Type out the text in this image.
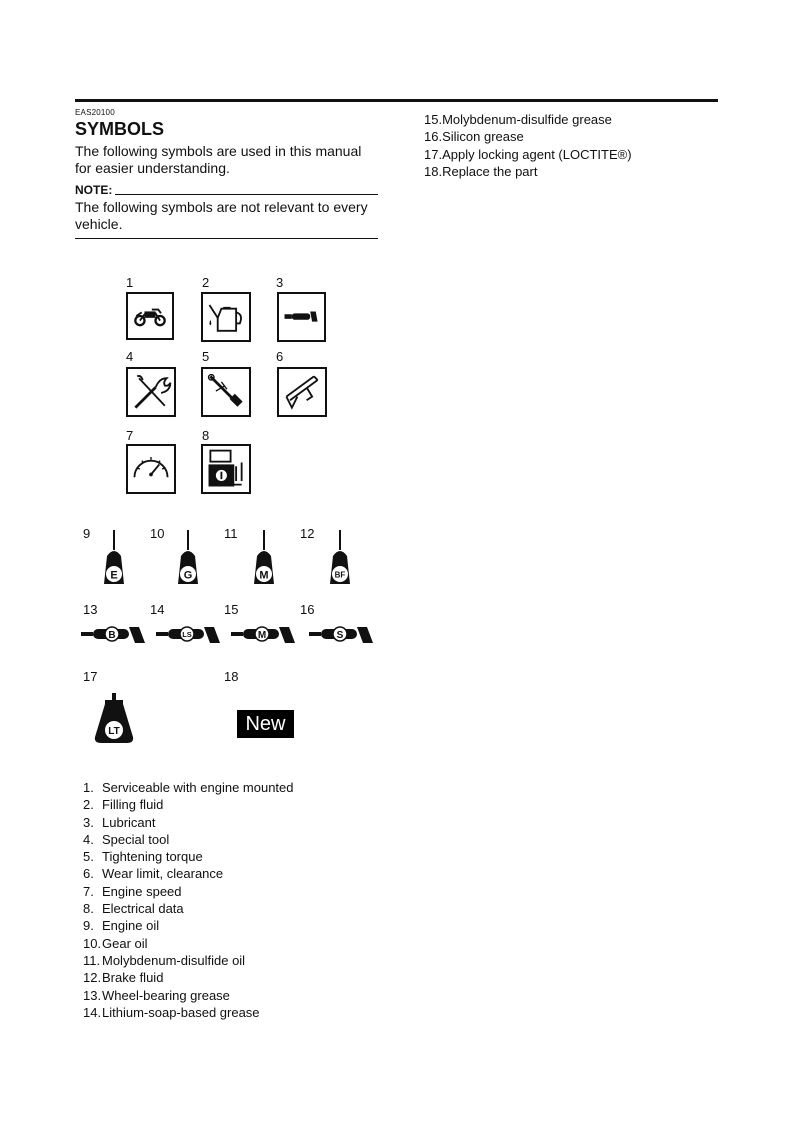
EAS20100
SYMBOLS
The following symbols are used in this manual
for easier understanding.
NOTE:
The following symbols are not relevant to every
vehicle.
15.Molybdenum-disulfide grease
16.Silicon grease
17.Apply locking agent (LOCTITE®)
18.Replace the part
1	2	3
4	5	6
7	8
9	10	11	12
E	G	M	BF
13	14	15	16
B	LS	M	S
17	18
LT	New
1. Serviceable with engine mounted
2. Filling fluid
3. Lubricant
4. Special tool
5. Tightening torque
6. Wear limit, clearance
7. Engine speed
8. Electrical data
9. Engine oil
10. Gear oil
11. Molybdenum-disulfide oil
12. Brake fluid
13. Wheel-bearing grease
14. Lithium-soap-based grease
